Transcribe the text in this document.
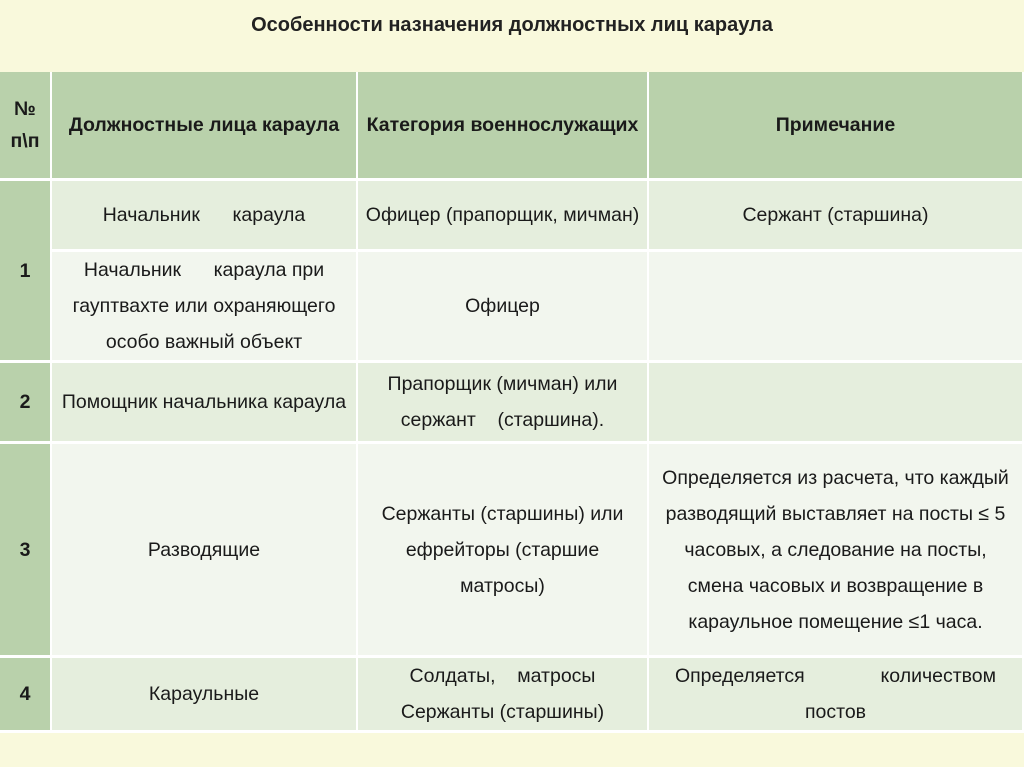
Особенности назначения должностных лиц караула
№ п\п	Должностные лица караула	Категория военнослужащих	Примечание
1	Начальник      караула	Офицер (прапорщик, мичман)	Сержант (старшина)
	Начальник      караула при гауптвахте или охраняющего особо важный объект	Офицер	
2	Помощник начальника караула	Прапорщик (мичман) или сержант    (старшина).	
3	Разводящие	Сержанты (старшины) или ефрейторы (старшие матросы)	Определяется из расчета, что каждый разводящий выставляет на посты ≤ 5 часовых, а следование на посты, смена часовых и возвращение в караульное помещение ≤1 часа.
4	Караульные	Солдаты,    матросы Сержанты (старшины)	Определяется              количеством постов
